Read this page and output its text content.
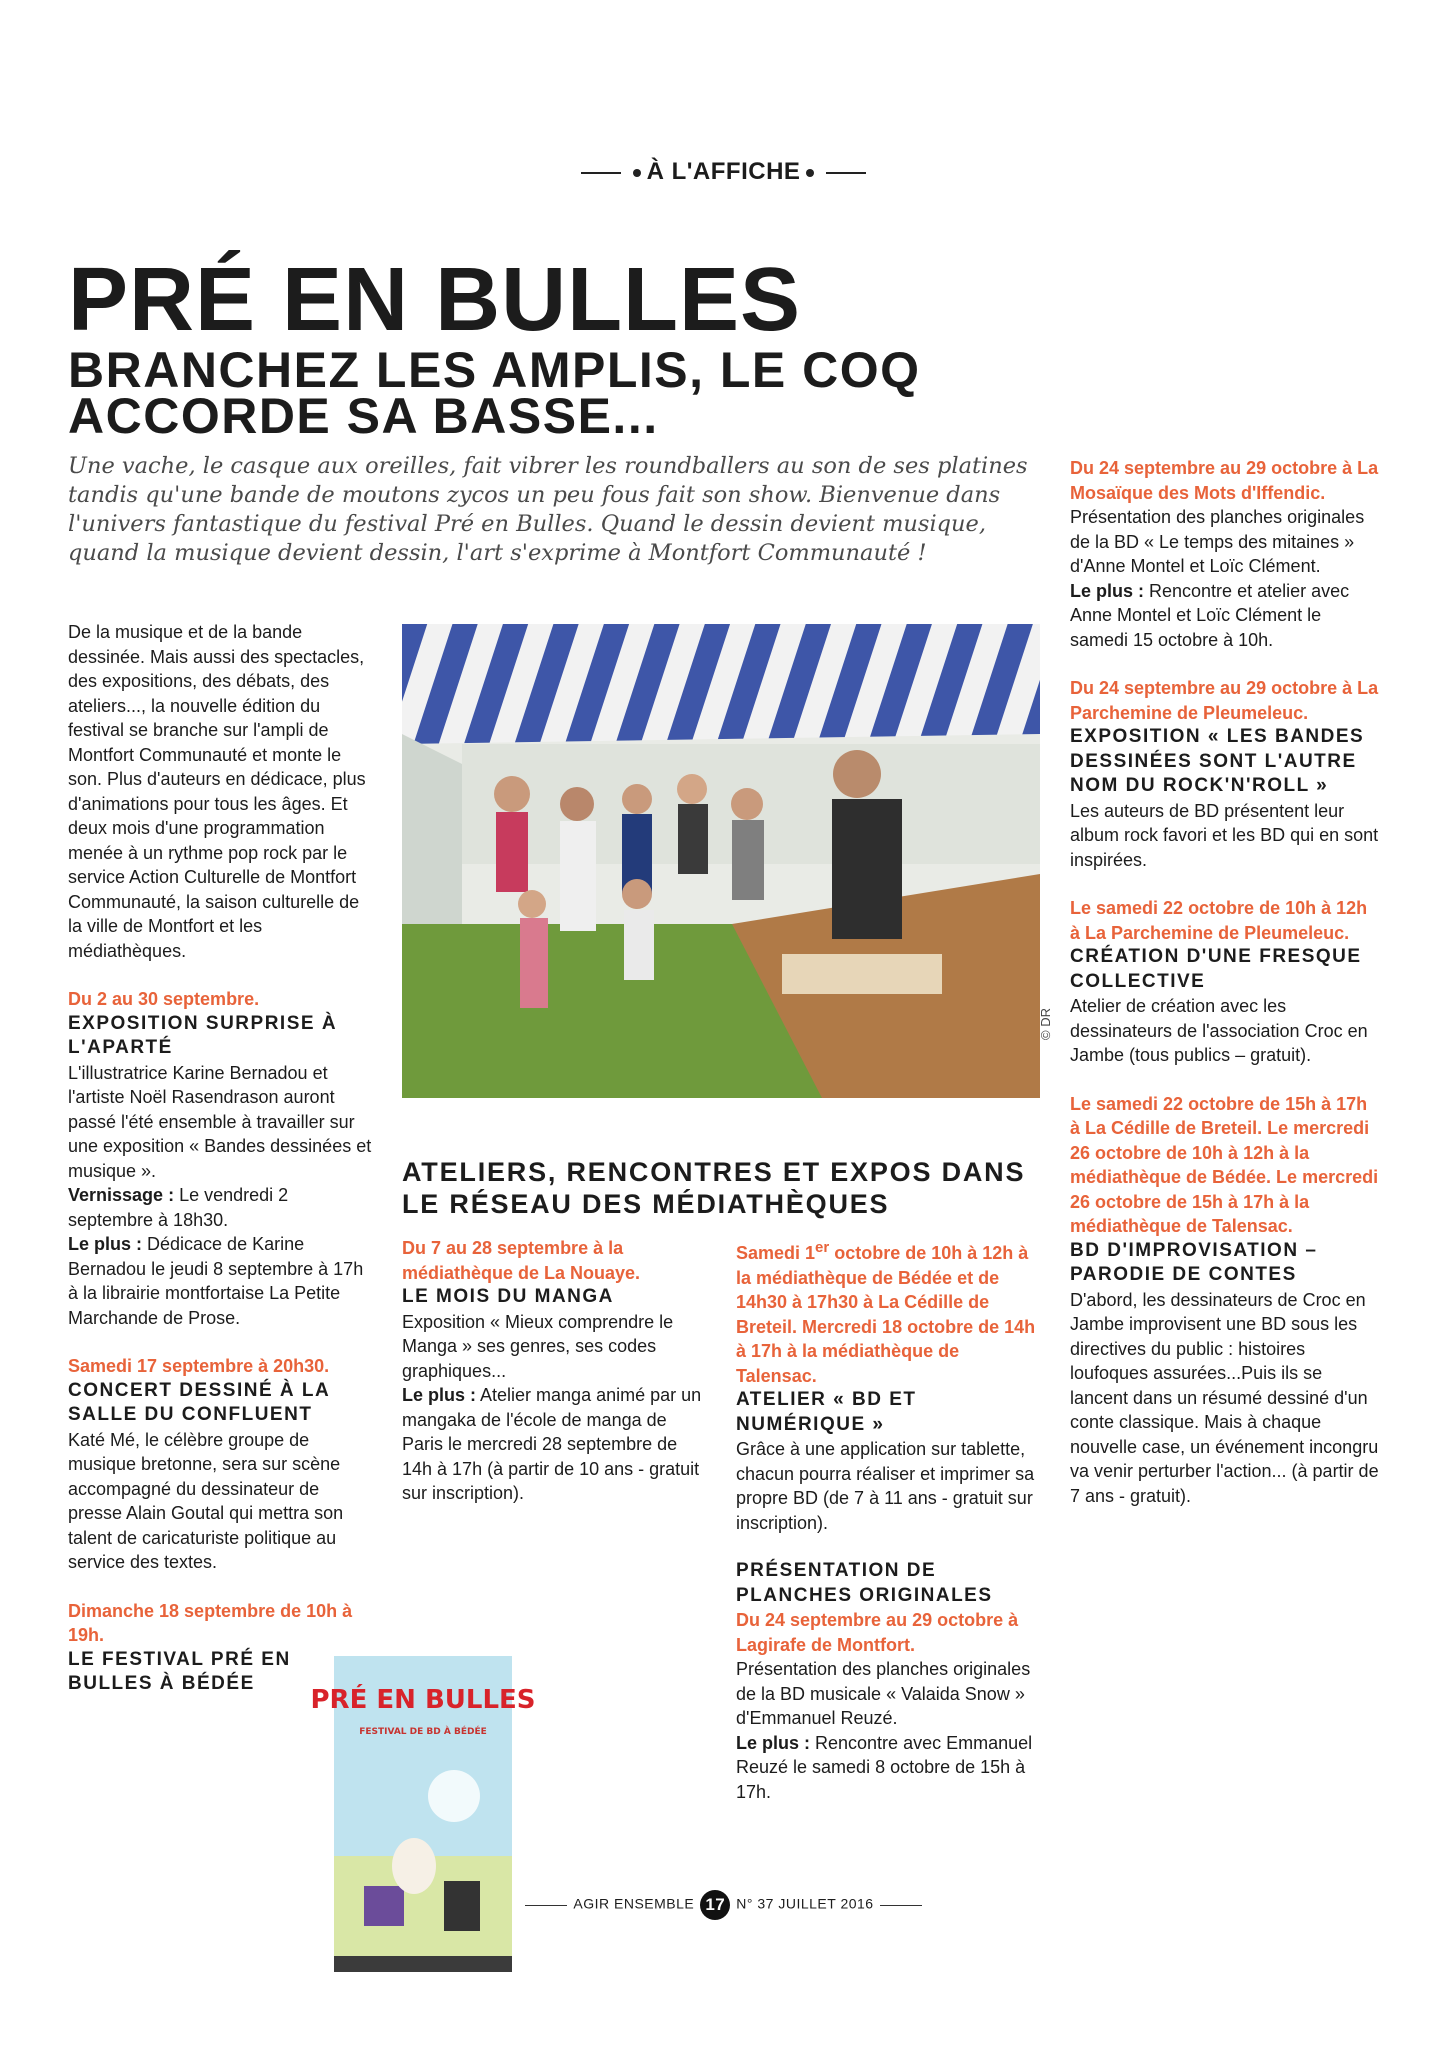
À L'AFFICHE
PRÉ EN BULLES
BRANCHEZ LES AMPLIS, LE COQ ACCORDE SA BASSE...
Une vache, le casque aux oreilles, fait vibrer les roundballers au son de ses platines tandis qu'une bande de moutons zycos un peu fous fait son show. Bienvenue dans l'univers fantastique du festival Pré en Bulles. Quand le dessin devient musique, quand la musique devient dessin, l'art s'exprime à Montfort Communauté !

De la musique et de la bande dessinée. Mais aussi des spectacles, des expositions, des débats, des ateliers..., la nouvelle édition du festival se branche sur l'ampli de Montfort Communauté et monte le son. Plus d'auteurs en dédicace, plus d'animations pour tous les âges. Et deux mois d'une programmation menée à un rythme pop rock par le service Action Culturelle de Montfort Communauté, la saison culturelle de la ville de Montfort et les médiathèques.

Du 2 au 30 septembre.

EXPOSITION SURPRISE À L'APARTÉ

L'illustratrice Karine Bernadou et l'artiste Noël Rasendrason auront passé l'été ensemble à travailler sur une exposition « Bandes dessinées et musique ».

Vernissage : Le vendredi 2 septembre à 18h30.

Le plus : Dédicace de Karine Bernadou le jeudi 8 septembre à 17h à la librairie montfortaise La Petite Marchande de Prose.

Samedi 17 septembre à 20h30.

CONCERT DESSINÉ À LA SALLE DU CONFLUENT

Katé Mé, le célèbre groupe de musique bretonne, sera sur scène accompagné du dessinateur de presse Alain Goutal qui mettra son talent de caricaturiste politique au service des textes.

Dimanche 18 septembre de 10h à 19h.

LE FESTIVAL PRÉ EN BULLES À BÉDÉE

© DR
ATELIERS, RENCONTRES ET EXPOS DANS LE RÉSEAU DES MÉDIATHÈQUES

Du 7 au 28 septembre à la médiathèque de La Nouaye.

LE MOIS DU MANGA

Exposition « Mieux comprendre le Manga » ses genres, ses codes graphiques...

Le plus : Atelier manga animé par un mangaka de l'école de manga de Paris le mercredi 28 septembre de 14h à 17h (à partir de 10 ans - gratuit sur inscription).

Samedi 1er octobre de 10h à 12h à la médiathèque de Bédée et de 14h30 à 17h30 à La Cédille de Breteil. Mercredi 18 octobre de 14h à 17h à la médiathèque de Talensac.

ATELIER « BD ET NUMÉRIQUE »

Grâce à une application sur tablette, chacun pourra réaliser et imprimer sa propre BD (de 7 à 11 ans - gratuit sur inscription).

PRÉSENTATION DE PLANCHES ORIGINALES

Du 24 septembre au 29 octobre à Lagirafe de Montfort.

Présentation des planches originales de la BD musicale « Valaida Snow » d'Emmanuel Reuzé.

Le plus : Rencontre avec Emmanuel Reuzé le samedi 8 octobre de 15h à 17h.

Du 24 septembre au 29 octobre à La Mosaïque des Mots d'Iffendic.

Présentation des planches originales de la BD « Le temps des mitaines » d'Anne Montel et Loïc Clément.

Le plus : Rencontre et atelier avec Anne Montel et Loïc Clément le samedi 15 octobre à 10h.

Du 24 septembre au 29 octobre à La Parchemine de Pleumeleuc.

EXPOSITION « LES BANDES DESSINÉES SONT L'AUTRE NOM DU ROCK'N'ROLL »

Les auteurs de BD présentent leur album rock favori et les BD qui en sont inspirées.

Le samedi 22 octobre de 10h à 12h à La Parchemine de Pleumeleuc.

CRÉATION D'UNE FRESQUE COLLECTIVE

Atelier de création avec les dessinateurs de l'association Croc en Jambe (tous publics – gratuit).

Le samedi 22 octobre de 15h à 17h à La Cédille de Breteil. Le mercredi 26 octobre de 10h à 12h à la médiathèque de Bédée. Le mercredi 26 octobre de 15h à 17h à la médiathèque de Talensac.

BD D'IMPROVISATION – PARODIE DE CONTES

D'abord, les dessinateurs de Croc en Jambe improvisent une BD sous les directives du public : histoires loufoques assurées...Puis ils se lancent dans un résumé dessiné d'un conte classique. Mais à chaque nouvelle case, un événement incongru va venir perturber l'action... (à partir de 7 ans - gratuit).

PRÉ EN BULLES
FESTIVAL DE BD À BÉDÉE
AGIR ENSEMBLE 17 N° 37 JUILLET 2016
